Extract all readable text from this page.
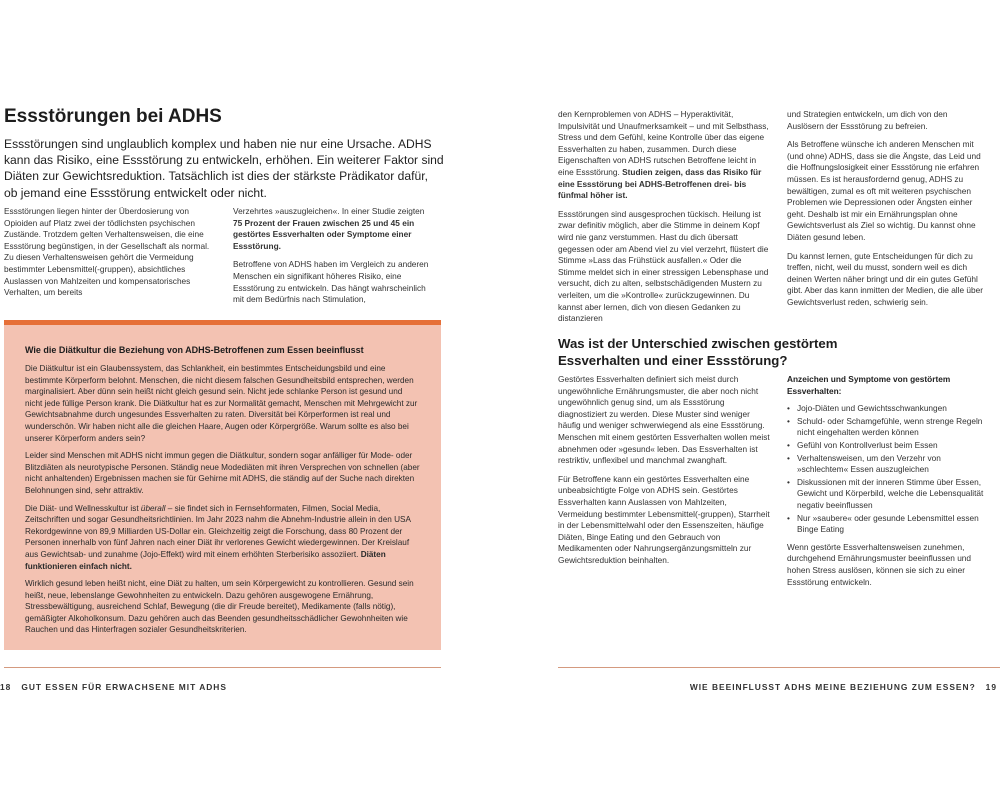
Essstörungen bei ADHS
Essstörungen sind unglaublich komplex und haben nie nur eine Ursache. ADHS kann das Risiko, eine Essstörung zu entwickeln, erhöhen. Ein weiterer Faktor sind Diäten zur Gewichtsreduktion. Tatsächlich ist dies der stärkste Prädikator dafür, ob jemand eine Essstörung entwickelt oder nicht.

Essstörungen liegen hinter der Überdosierung von Opioiden auf Platz zwei der tödlichsten psychischen Zustände. Trotzdem gelten Verhaltensweisen, die eine Essstörung begünstigen, in der Gesellschaft als normal. Zu diesen Verhaltensweisen gehört die Vermeidung bestimmter Lebensmittel(-gruppen), absichtliches Auslassen von Mahlzeiten und kompensatorisches Verhalten, um bereits

Verzehrtes »auszugleichen«. In einer Studie zeigten 75 Prozent der Frauen zwischen 25 und 45 ein gestörtes Essverhalten oder Symptome einer Essstörung.

Betroffene von ADHS haben im Vergleich zu anderen Menschen ein signifikant höheres Risiko, eine Essstörung zu entwickeln. Das hängt wahrscheinlich mit dem Bedürfnis nach Stimulation,

Wie die Diätkultur die Beziehung von ADHS-Betroffenen zum Essen beeinflusst

Die Diätkultur ist ein Glaubenssystem, das Schlankheit, ein bestimmtes Entscheidungsbild und eine bestimmte Körperform belohnt. Menschen, die nicht diesem falschen Gesundheitsbild entsprechen, werden marginalisiert. Aber dünn sein heißt nicht gleich gesund sein. Nicht jede schlanke Person ist gesund und nicht jede füllige Person krank. Die Diätkultur hat es zur Normalität gemacht, Menschen mit Mehrgewicht zur Gewichtsabnahme durch ungesundes Essverhalten zu raten. Diversität bei Körperformen ist real und wunderschön. Wir haben nicht alle die gleichen Haare, Augen oder Körpergröße. Warum sollte es also bei unserer Körperform anders sein?

Leider sind Menschen mit ADHS nicht immun gegen die Diätkultur, sondern sogar anfälliger für Mode- oder Blitzdiäten als neurotypische Personen. Ständig neue Modediäten mit ihren Versprechen von schnellen (aber nicht anhaltenden) Ergebnissen machen sie für Gehirne mit ADHS, die ständig auf der Suche nach direkten Belohnungen sind, sehr attraktiv.

Die Diät- und Wellnesskultur ist überall – sie findet sich in Fernsehformaten, Filmen, Social Media, Zeitschriften und sogar Gesundheitsrichtlinien. Im Jahr 2023 nahm die Abnehm-Industrie allein in den USA Rekordgewinne von 89,9 Milliarden US-Dollar ein. Gleichzeitig zeigt die Forschung, dass 80 Prozent der Personen innerhalb von fünf Jahren nach einer Diät ihr verlorenes Gewicht wiedergewinnen. Der Kreislauf aus Gewichtsab- und zunahme (Jojo-Effekt) wird mit einem erhöhten Sterberisiko assoziiert. Diäten funktionieren einfach nicht.

Wirklich gesund leben heißt nicht, eine Diät zu halten, um sein Körpergewicht zu kontrollieren. Gesund sein heißt, neue, lebenslange Gewohnheiten zu entwickeln. Dazu gehören ausgewogene Ernährung, Stressbewältigung, ausreichend Schlaf, Bewegung (die dir Freude bereitet), Medikamente (falls nötig), gemäßigter Alkoholkonsum. Dazu gehören auch das Beenden gesundheitsschädlicher Gewohnheiten wie Rauchen und das Hinterfragen sozialer Gesundheitskriterien.

18 GUT ESSEN FÜR ERWACHSENE MIT ADHS

den Kernproblemen von ADHS – Hyperaktivität, Impulsivität und Unaufmerksamkeit – und mit Selbsthass, Stress und dem Gefühl, keine Kontrolle über das eigene Essverhalten zu haben, zusammen. Durch diese Eigenschaften von ADHS rutschen Betroffene leicht in eine Essstörung. Studien zeigen, dass das Risiko für eine Essstörung bei ADHS-Betroffenen drei- bis fünfmal höher ist.

Essstörungen sind ausgesprochen tückisch. Heilung ist zwar definitiv möglich, aber die Stimme in deinem Kopf wird nie ganz verstummen. Hast du dich übersatt gegessen oder am Abend viel zu viel verzehrt, flüstert die Stimme »Lass das Frühstück ausfallen.« Oder die Stimme meldet sich in einer stressigen Lebensphase und versucht, dich zu alten, selbstschädigenden Mustern zu verleiten, um die »Kontrolle« zurückzugewinnen. Du kannst aber lernen, dich von diesen Gedanken zu distanzieren

und Strategien entwickeln, um dich von den Auslösern der Essstörung zu befreien.

Als Betroffene wünsche ich anderen Menschen mit (und ohne) ADHS, dass sie die Ängste, das Leid und die Hoffnungslosigkeit einer Essstörung nie erfahren müssen. Es ist herausfordernd genug, ADHS zu bewältigen, zumal es oft mit weiteren psychischen Problemen wie Depressionen oder Ängsten einher geht. Deshalb ist mir ein Ernährungsplan ohne Gewichtsverlust als Ziel so wichtig. Du kannst ohne Diäten gesund leben.

Du kannst lernen, gute Entscheidungen für dich zu treffen, nicht, weil du musst, sondern weil es dich deinen Werten näher bringt und dir ein gutes Gefühl gibt. Aber das kann inmitten der Medien, die alle über Gewichtsverlust reden, schwierig sein.

Was ist der Unterschied zwischen gestörtem Essverhalten und einer Essstörung?

Gestörtes Essverhalten definiert sich meist durch ungewöhnliche Ernährungsmuster, die aber noch nicht ungewöhnlich genug sind, um als Essstörung diagnostiziert zu werden. Diese Muster sind weniger häufig und weniger schwerwiegend als eine Essstörung. Menschen mit einem gestörten Essverhalten wollen meist abnehmen oder »gesund« leben. Das Essverhalten ist restriktiv, unflexibel und manchmal zwanghaft.

Für Betroffene kann ein gestörtes Essverhalten eine unbeabsichtigte Folge von ADHS sein. Gestörtes Essverhalten kann Auslassen von Mahlzeiten, Vermeidung bestimmter Lebensmittel(-gruppen), Starrheit in der Lebensmittelwahl oder den Essenszeiten, häufige Diäten, Binge Eating und den Gebrauch von Medikamenten oder Nahrungsergänzungsmitteln zur Gewichtsreduktion beinhalten.

Anzeichen und Symptome von gestörtem Essverhalten:
• Jojo-Diäten und Gewichtsschwankungen
• Schuld- oder Schamgefühle, wenn strenge Regeln nicht eingehalten werden können
• Gefühl von Kontrollverlust beim Essen
• Verhaltensweisen, um den Verzehr von »schlechtem« Essen auszugleichen
• Diskussionen mit der inneren Stimme über Essen, Gewicht und Körperbild, welche die Lebensqualität negativ beeinflussen
• Nur »saubere« oder gesunde Lebensmittel essen Binge Eating

Wenn gestörte Essverhaltensweisen zunehmen, durchgehend Ernährungsmuster beeinflussen und hohen Stress auslösen, können sie sich zu einer Essstörung entwickeln.

WIE BEEINFLUSST ADHS MEINE BEZIEHUNG ZUM ESSEN? 19
